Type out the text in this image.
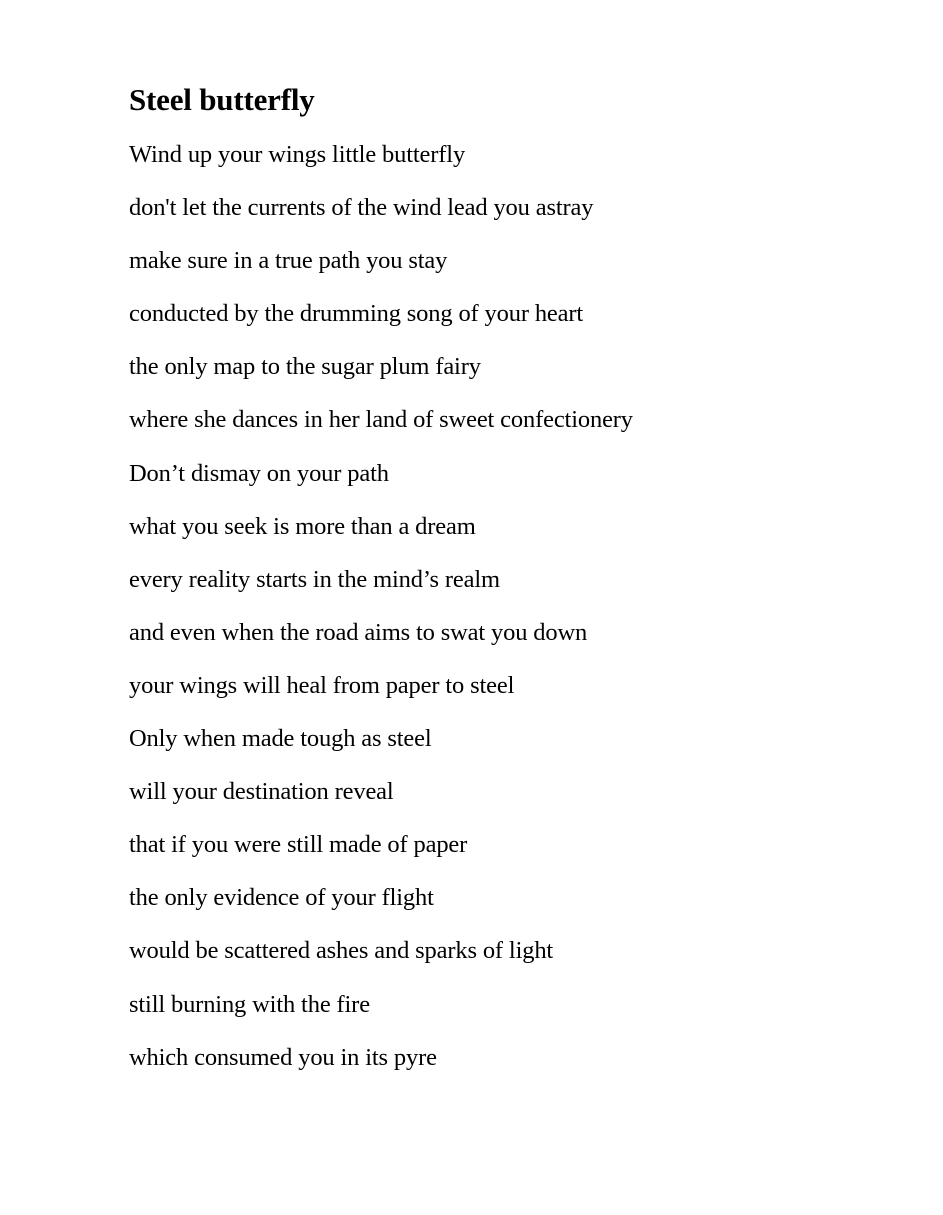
Steel butterfly
Wind up your wings little butterfly
don't let the currents of the wind lead you astray
make sure in a true path you stay
conducted by the drumming song of your heart
the only map to the sugar plum fairy
where she dances in her land of sweet confectionery
Don’t dismay on your path
what you seek is more than a dream
every reality starts in the mind’s realm
and even when the road aims to swat you down
your wings will heal from paper to steel
Only when made tough as steel
will your destination reveal
that if you were still made of paper
the only evidence of your flight
would be scattered ashes and sparks of light
still burning with the fire
which consumed you in its pyre
